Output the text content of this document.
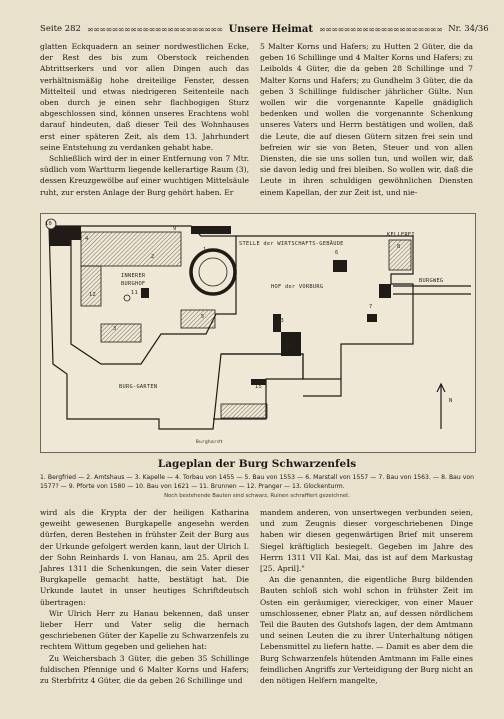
Seite 282 ∞∞∞∞∞∞∞∞∞∞∞∞∞∞∞∞∞∞∞∞∞∞ Unsere Heimat ∞∞∞∞∞∞∞∞∞∞∞∞∞∞∞∞∞∞∞∞ Nr. 34/36

glatten Eckquadern an seiner nordwestlichen Ecke, der Rest des bis zum Oberstock reichenden Abtrittserkers und vor allen Dingen auch das verhältnismäßig hohe dreiteilige Fenster, dessen Mittelteil und etwas niedrigeren Seitenteile nach oben durch je einen sehr flachbogigen Sturz abgeschlossen sind, können unseres Erachtens wohl darauf hindeuten, daß dieser Teil des Wohnhauses erst einer späteren Zeit, als dem 13. Jahrhundert seine Entstehung zu verdanken gehabt habe.

Schließlich wird der in einer Entfernung von 7 Mtr. südlich vom Wartturm liegende kellerartige Raum (3), dessen Kreuzgewölbe auf einer wuchtigen Mittelsäule ruht, zur ersten Anlage der Burg gehört haben. Er

5 Malter Korns und Hafers; zu Hutten 2 Güter, die da geben 16 Schillinge und 4 Malter Korns und Hafers; zu Leibolds 4 Güter, die da geben 28 Schillinge und 7 Malter Korns und Hafers; zu Gundhelm 3 Güter, die da geben 3 Schillinge fuldischer jährlicher Gülte. Nun wollen wir die vorgenannte Kapelle gnädiglich bedenken und wollen die vorgenannte Schenkung unseres Vaters und Herrn bestätigen und wollen, daß die Leute, die auf diesen Gütern sitzen frei sein und befreien wir sie von Beten, Steuer und von allen Diensten, die sie uns sollen tun, und wollen wir, daß sie davon ledig und frei bleiben. So wollen wir, daß die Leute in ihren schuldigen gewöhnlichen Diensten einem Kapellan, der zur Zeit ist, und nie-

10
4
9
2
1
12	11
5
3
6
8
7
13
14
15
STELLE der WIRTSCHAFTS-GEBÄUDE
KELLEREI
INNERER
BURGHOF	HOF der VORBURG
BURGWEG
BURG-GARTEN
N
Burghardt
Lageplan der Burg Schwarzenfels
1. Bergfried — 2. Amtshaus — 3. Kapelle — 4. Torbau von 1455 — 5. Bau von 1553 — 6. Marstall von 1557 — 7. Bau von 1563. — 8. Bau von 1577? — 9. Pforte von 1580 — 10. Bau von 1621 — 11. Brunnen — 12. Pranger — 13. Glockenturm.
Noch bestehende Bauten sind schwarz, Ruinen schraffiert gezeichnet.

wird als die Krypta der der heiligen Katharina geweiht gewesenen Burgkapelle angesehn werden dürfen, deren Bestehen in frühster Zeit der Burg aus der Urkunde gefolgert werden kann, laut der Ulrich I. der Sohn Reinhards I. von Hanau, am 25. April des Jahres 1311 die Schenkungen, die sein Vater dieser Burgkapelle gemacht hatte, bestätigt hat. Die Urkunde lautet in unser heutiges Schriftdeutsch übertragen:

Wir Ulrich Herr zu Hanau bekennen, daß unser lieber Herr und Vater selig die hernach geschriebenen Güter der Kapelle zu Schwarzenfels zu rechtem Wittum gegeben und geliehen hat:

Zu Weichersbach 3 Güter, die geben 35 Schillinge fuldischen Pfennige und 6 Malter Korns und Hafers; zu Sterbfritz 4 Güter, die da geben 26 Schillinge und

mandem anderen, von unsertwegen verbunden seien, und zum Zeugnis dieser vorgeschriebenen Dinge haben wir diesen gegenwärtigen Brief mit unserem Siegel kräftiglich besiegelt. Gegeben im Jahre des Herrn 1311 VII Kal. Mai, das ist auf dem Markustag [25. April]."

An die genannten, die eigentliche Burg bildenden Bauten schloß sich wohl schon in frühster Zeit im Osten ein geräumiger, viereckiger, von einer Mauer umschlossener, ebner Platz an, auf dessen nördlichem Teil die Bauten des Gutshofs lagen, der dem Amtmann und seinen Leuten die zu ihrer Unterhaltung nötigen Lebensmittel zu liefern hatte. — Damit es aber dem die Burg Schwarzenfels hütenden Amtmann im Falle eines feindlichen Angriffs zur Verteidigung der Burg nicht an den nötigen Helfern mangelte,
